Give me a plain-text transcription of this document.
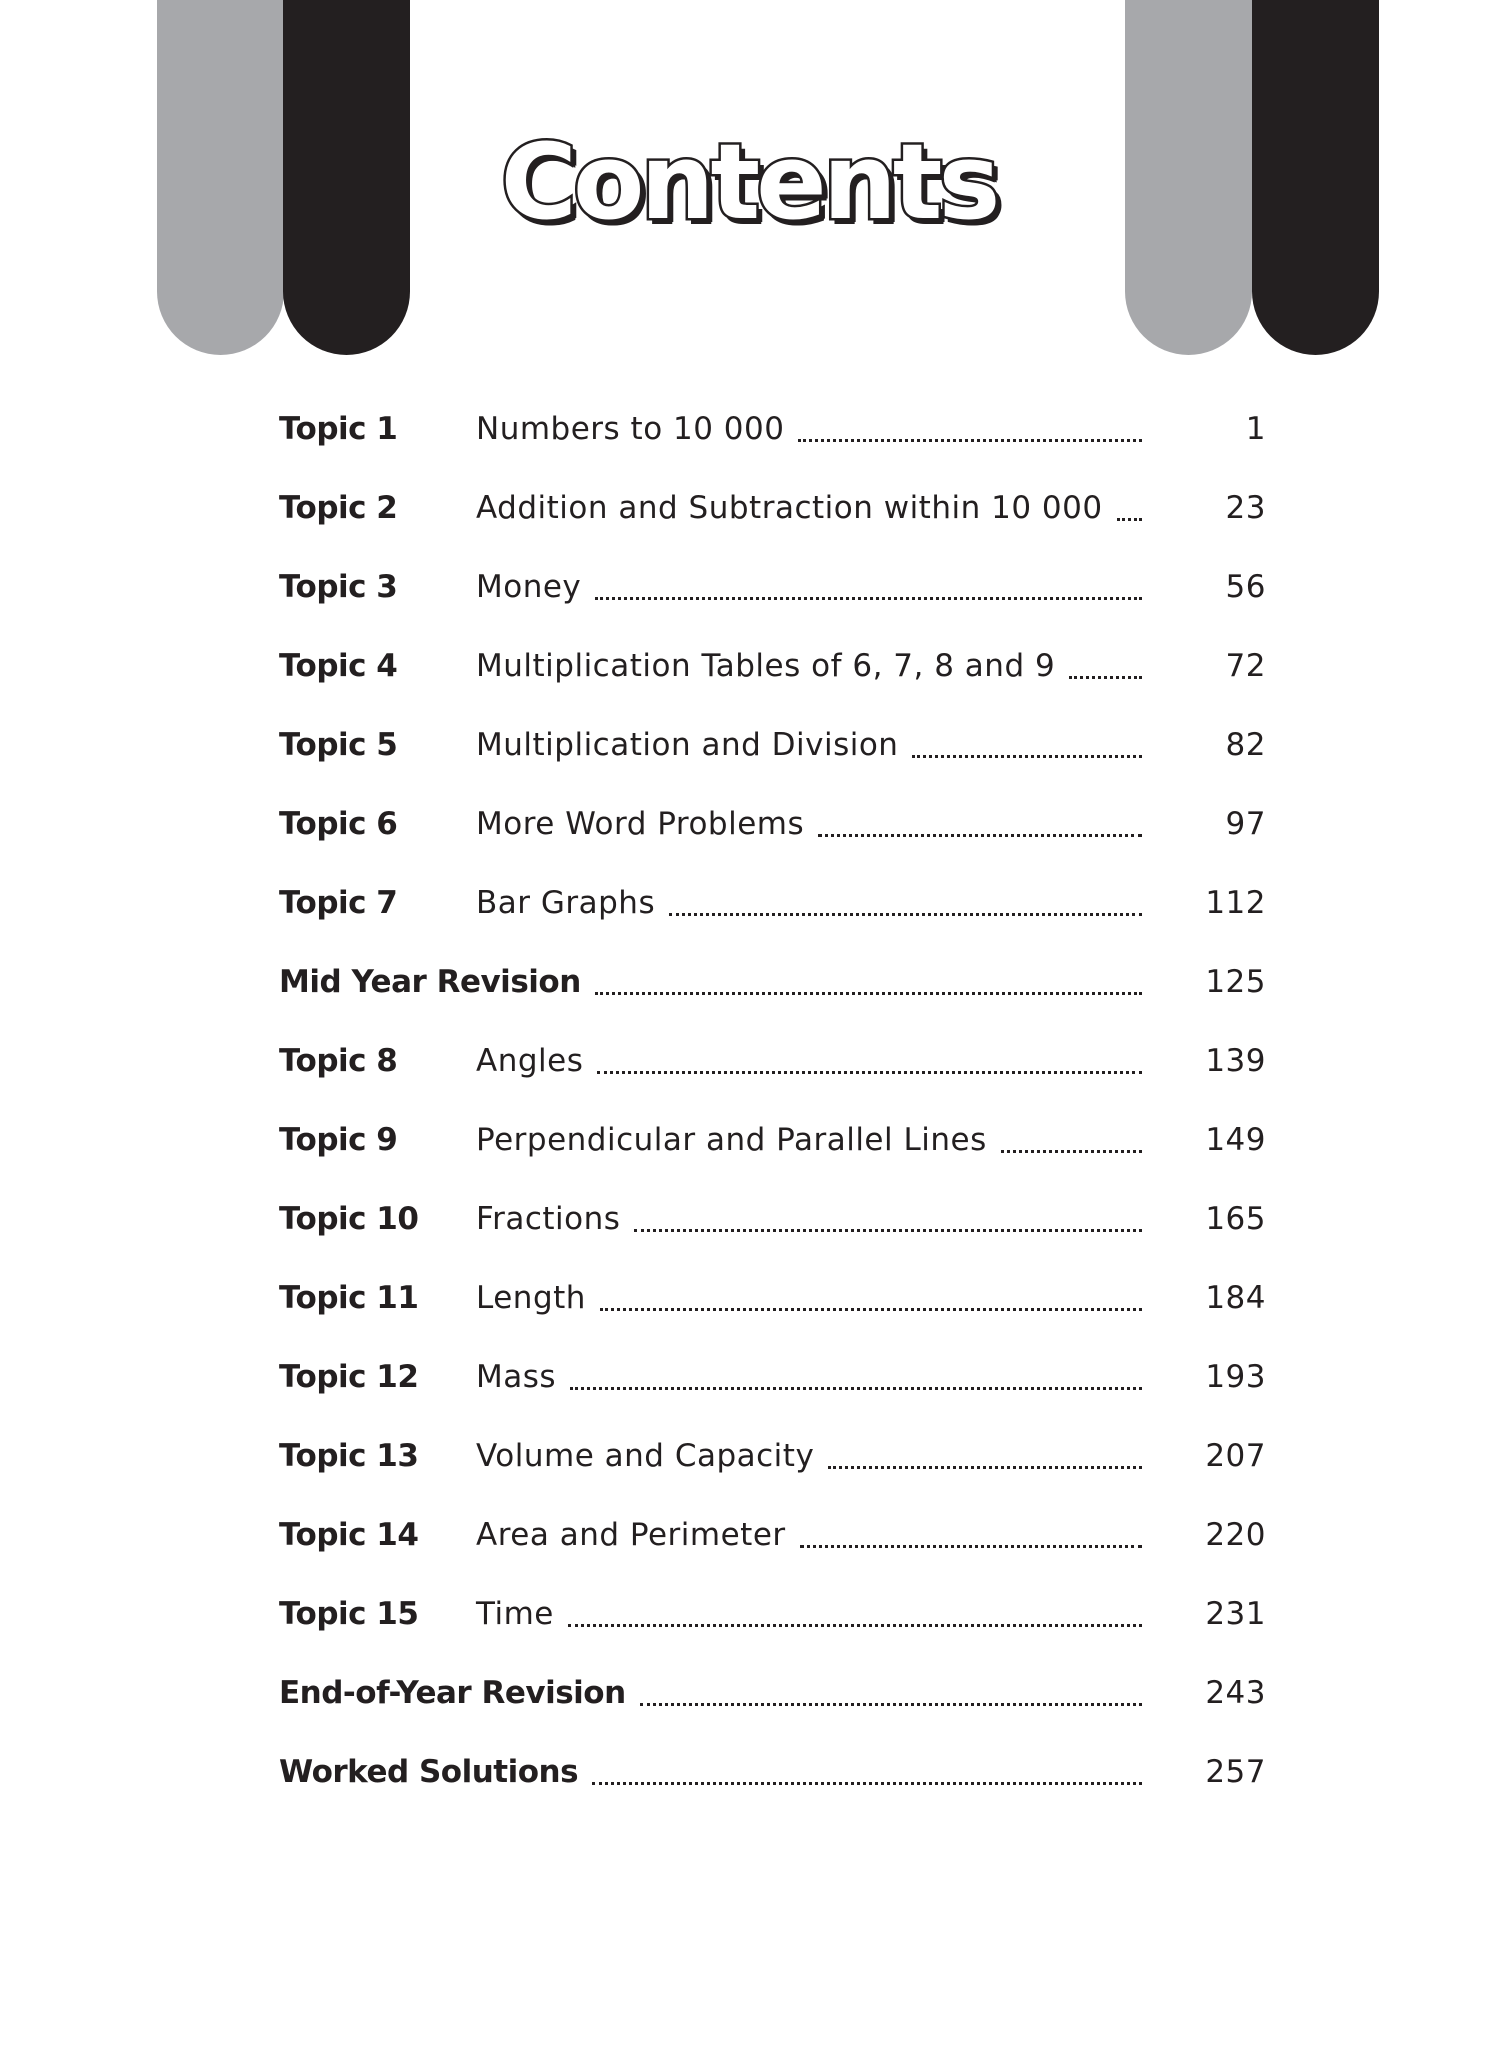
Contents
Topic 1	Numbers to 10 000	1
Topic 2	Addition and Subtraction within 10 000	23
Topic 3	Money	56
Topic 4	Multiplication Tables of 6, 7, 8 and 9	72
Topic 5	Multiplication and Division	82
Topic 6	More Word Problems	97
Topic 7	Bar Graphs	112
Mid Year Revision	125
Topic 8	Angles	139
Topic 9	Perpendicular and Parallel Lines	149
Topic 10	Fractions	165
Topic 11	Length	184
Topic 12	Mass	193
Topic 13	Volume and Capacity	207
Topic 14	Area and Perimeter	220
Topic 15	Time	231
End-of-Year Revision	243
Worked Solutions	257
